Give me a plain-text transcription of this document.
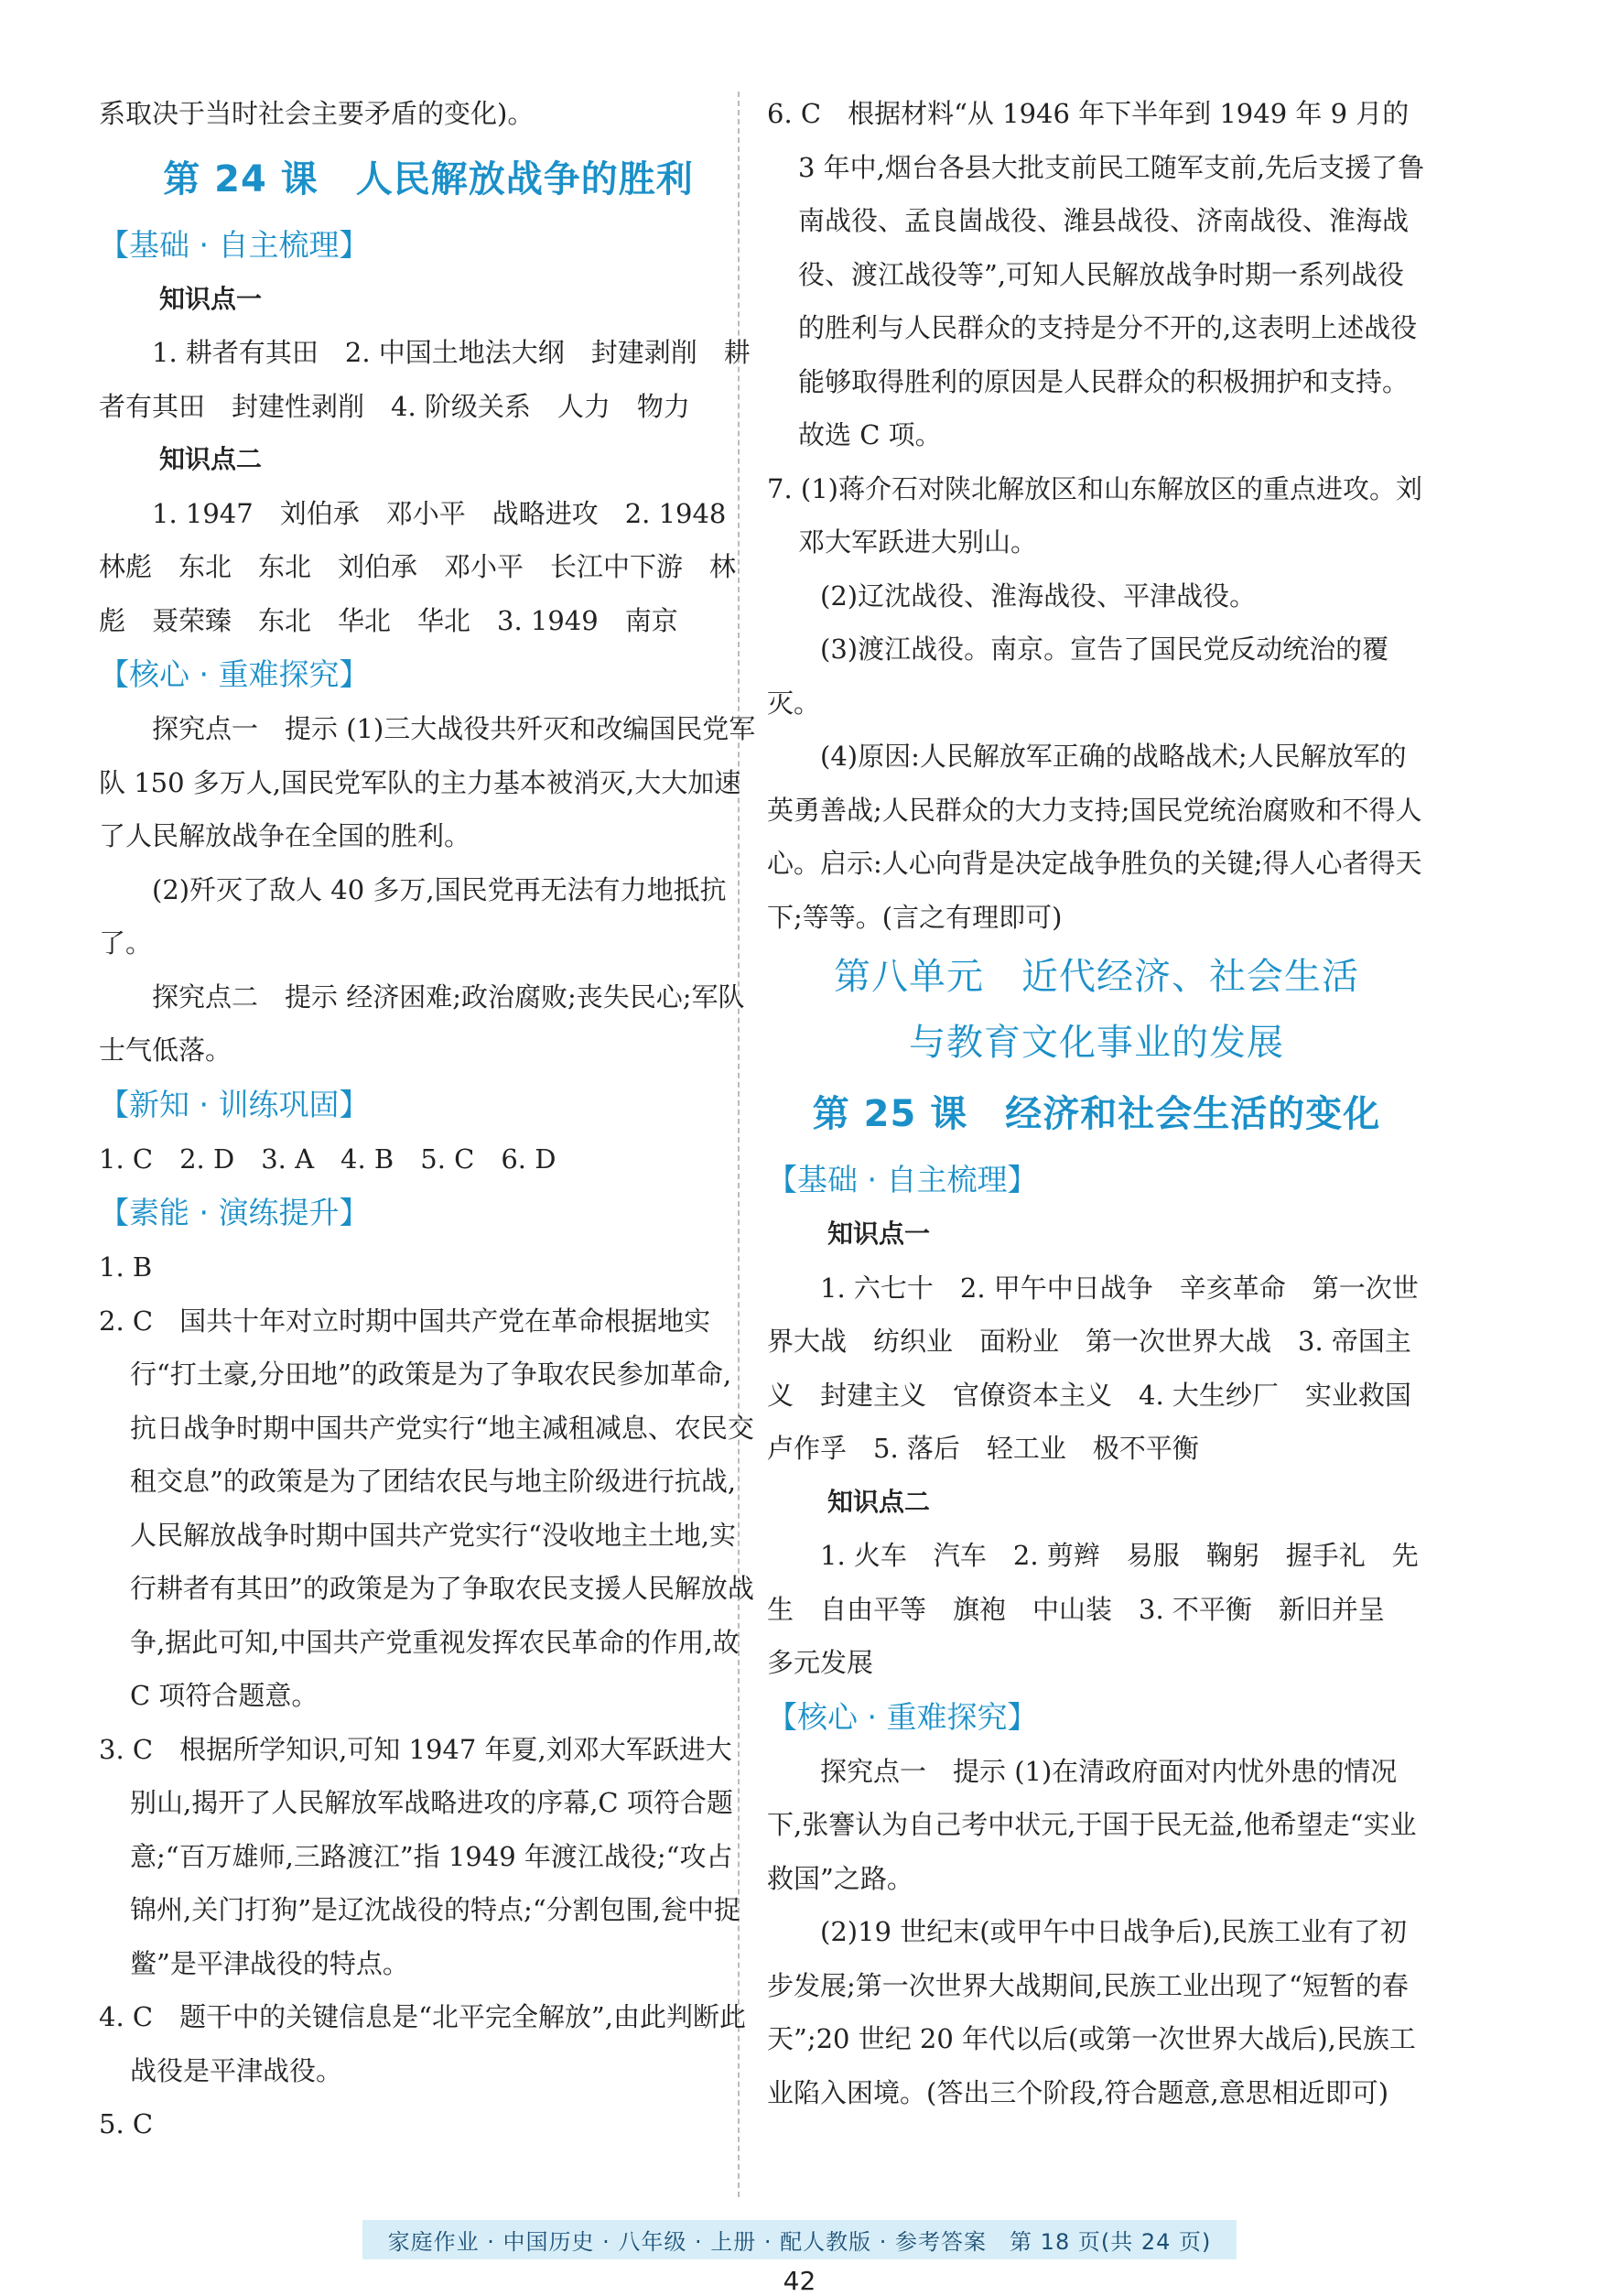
系取决于当时社会主要矛盾的变化)。

第 24 课　人民解放战争的胜利
【基础 · 自主梳理】

知识点一

1. 耕者有其田　2. 中国土地法大纲　封建剥削　耕者有其田　封建性剥削　4. 阶级关系　人力　物力

知识点二

1. 1947　刘伯承　邓小平　战略进攻　2. 1948　林彪　东北　东北　刘伯承　邓小平　长江中下游　林彪　聂荣臻　东北　华北　华北　3. 1949　南京

【核心 · 重难探究】

探究点一　提示 (1)三大战役共歼灭和改编国民党军队 150 多万人,国民党军队的主力基本被消灭,大大加速了人民解放战争在全国的胜利。

(2)歼灭了敌人 40 多万,国民党再无法有力地抵抗了。

探究点二　提示 经济困难;政治腐败;丧失民心;军队士气低落。

【新知 · 训练巩固】

1. C　2. D　3. A　4. B　5. C　6. D

【素能 · 演练提升】

1. B

2. C　国共十年对立时期中国共产党在革命根据地实行“打土豪,分田地”的政策是为了争取农民参加革命,抗日战争时期中国共产党实行“地主减租减息、农民交租交息”的政策是为了团结农民与地主阶级进行抗战,人民解放战争时期中国共产党实行“没收地主土地,实行耕者有其田”的政策是为了争取农民支援人民解放战争,据此可知,中国共产党重视发挥农民革命的作用,故 C 项符合题意。

3. C　根据所学知识,可知 1947 年夏,刘邓大军跃进大别山,揭开了人民解放军战略进攻的序幕,C 项符合题意;“百万雄师,三路渡江”指 1949 年渡江战役;“攻占锦州,关门打狗”是辽沈战役的特点;“分割包围,瓮中捉鳖”是平津战役的特点。

4. C　题干中的关键信息是“北平完全解放”,由此判断此战役是平津战役。

5. C

6. C　根据材料“从 1946 年下半年到 1949 年 9 月的 3 年中,烟台各县大批支前民工随军支前,先后支援了鲁南战役、孟良崮战役、潍县战役、济南战役、淮海战役、渡江战役等”,可知人民解放战争时期一系列战役的胜利与人民群众的支持是分不开的,这表明上述战役能够取得胜利的原因是人民群众的积极拥护和支持。故选 C 项。

7. (1)蒋介石对陕北解放区和山东解放区的重点进攻。刘邓大军跃进大别山。

(2)辽沈战役、淮海战役、平津战役。

(3)渡江战役。南京。宣告了国民党反动统治的覆灭。

(4)原因:人民解放军正确的战略战术;人民解放军的英勇善战;人民群众的大力支持;国民党统治腐败和不得人心。启示:人心向背是决定战争胜负的关键;得人心者得天下;等等。(言之有理即可)

第八单元　近代经济、社会生活
与教育文化事业的发展
第 25 课　经济和社会生活的变化
【基础 · 自主梳理】

知识点一

1. 六七十　2. 甲午中日战争　辛亥革命　第一次世界大战　纺织业　面粉业　第一次世界大战　3. 帝国主义　封建主义　官僚资本主义　4. 大生纱厂　实业救国　卢作孚　5. 落后　轻工业　极不平衡

知识点二

1. 火车　汽车　2. 剪辫　易服　鞠躬　握手礼　先生　自由平等　旗袍　中山装　3. 不平衡　新旧并呈　多元发展

【核心 · 重难探究】

探究点一　提示 (1)在清政府面对内忧外患的情况下,张謇认为自己考中状元,于国于民无益,他希望走“实业救国”之路。

(2)19 世纪末(或甲午中日战争后),民族工业有了初步发展;第一次世界大战期间,民族工业出现了“短暂的春天”;20 世纪 20 年代以后(或第一次世界大战后),民族工业陷入困境。(答出三个阶段,符合题意,意思相近即可)

家庭作业 · 中国历史 · 八年级 · 上册 · 配人教版 · 参考答案　第 18 页(共 24 页)
42
